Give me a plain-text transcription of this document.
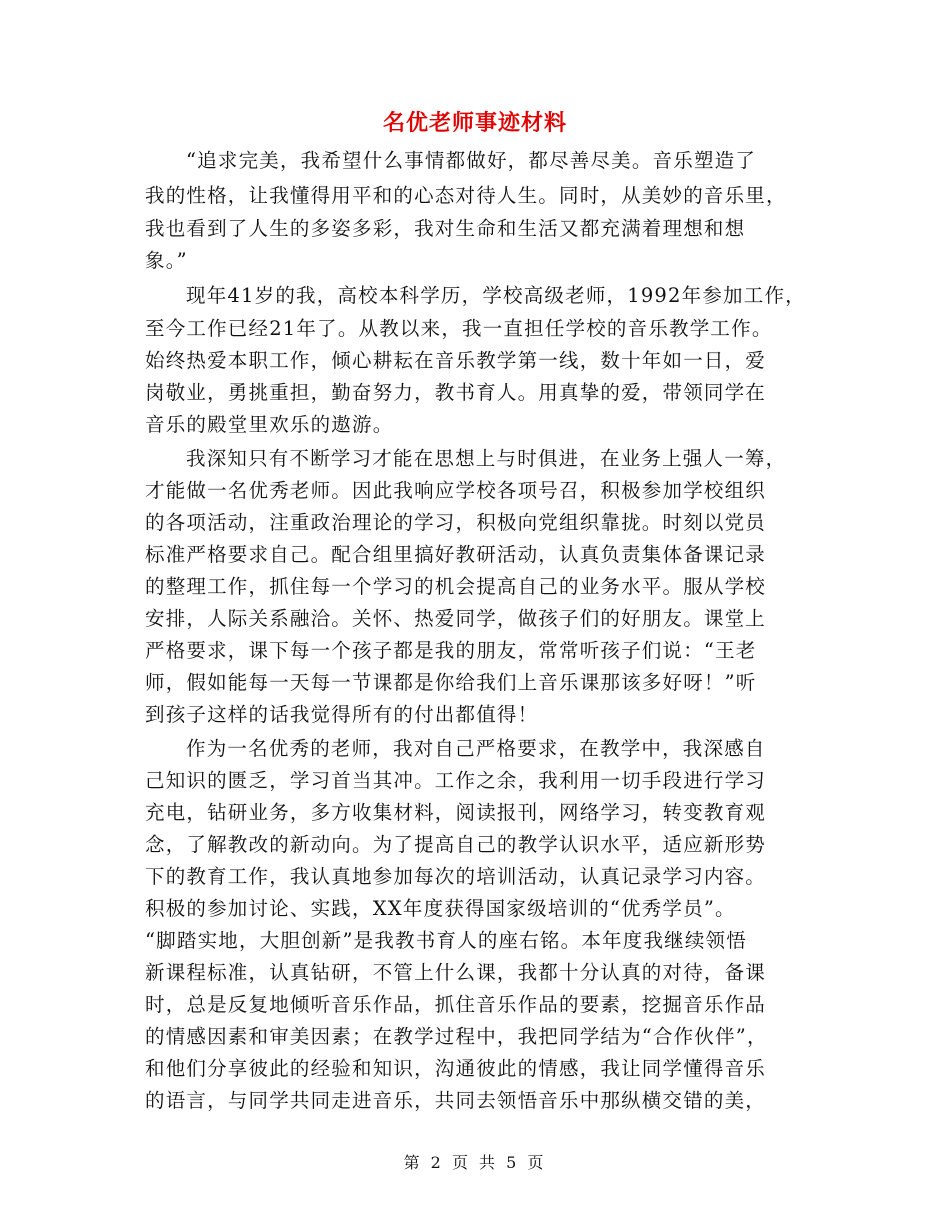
名优老师事迹材料
“追求完美，我希望什么事情都做好，都尽善尽美。音乐塑造了
我的性格，让我懂得用平和的心态对待人生。同时，从美妙的音乐里，
我也看到了人生的多姿多彩，我对生命和生活又都充满着理想和想
象。”
现年41岁的我，高校本科学历，学校高级老师，1992年参加工作，
至今工作已经21年了。从教以来，我一直担任学校的音乐教学工作。
始终热爱本职工作，倾心耕耘在音乐教学第一线，数十年如一日，爱
岗敬业，勇挑重担，勤奋努力，教书育人。用真挚的爱，带领同学在
音乐的殿堂里欢乐的遨游。
我深知只有不断学习才能在思想上与时俱进，在业务上强人一筹，
才能做一名优秀老师。因此我响应学校各项号召，积极参加学校组织
的各项活动，注重政治理论的学习，积极向党组织靠拢。时刻以党员
标准严格要求自己。配合组里搞好教研活动，认真负责集体备课记录
的整理工作，抓住每一个学习的机会提高自己的业务水平。服从学校
安排，人际关系融洽。关怀、热爱同学，做孩子们的好朋友。课堂上
严格要求，课下每一个孩子都是我的朋友，常常听孩子们说：“王老
师，假如能每一天每一节课都是你给我们上音乐课那该多好呀！”听
到孩子这样的话我觉得所有的付出都值得！
作为一名优秀的老师，我对自己严格要求，在教学中，我深感自
己知识的匮乏，学习首当其冲。工作之余，我利用一切手段进行学习
充电，钻研业务，多方收集材料，阅读报刊，网络学习，转变教育观
念，了解教改的新动向。为了提高自己的教学认识水平，适应新形势
下的教育工作，我认真地参加每次的培训活动，认真记录学习内容。
积极的参加讨论、实践，XX年度获得国家级培训的“优秀学员”。
“脚踏实地，大胆创新”是我教书育人的座右铭。本年度我继续领悟
新课程标准，认真钻研，不管上什么课，我都十分认真的对待，备课
时，总是反复地倾听音乐作品，抓住音乐作品的要素，挖掘音乐作品
的情感因素和审美因素；在教学过程中，我把同学结为“合作伙伴”，
和他们分享彼此的经验和知识，沟通彼此的情感，我让同学懂得音乐
的语言，与同学共同走进音乐，共同去领悟音乐中那纵横交错的美，
第 2 页 共 5 页
